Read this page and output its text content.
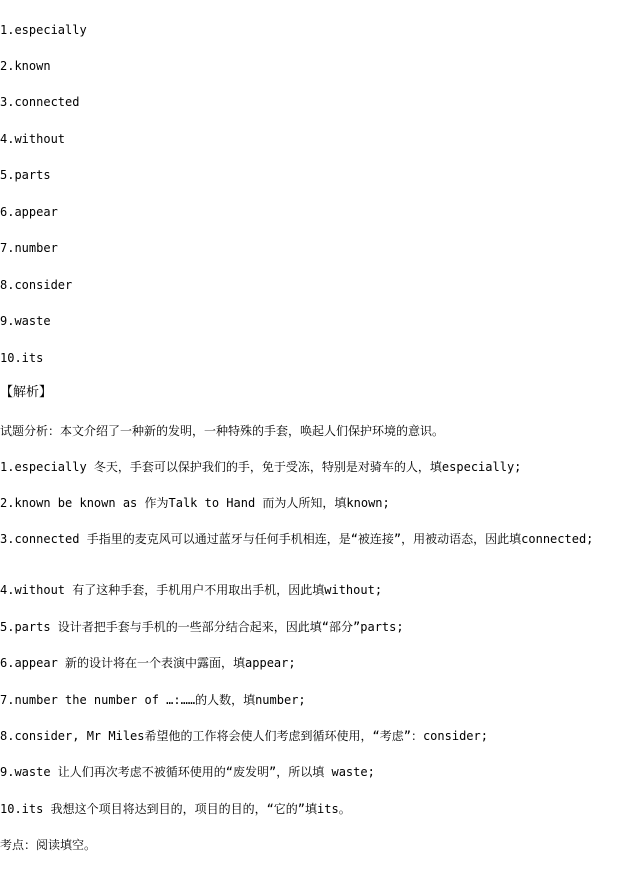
1.especially
2.known
3.connected
4.without
5.parts
6.appear
7.number
8.consider
9.waste
10.its
【解析】
试题分析：本文介绍了一种新的发明，一种特殊的手套，唤起人们保护环境的意识。
1.especially 冬天，手套可以保护我们的手，免于受冻，特别是对骑车的人，填especially;
2.known be known as 作为Talk to Hand 而为人所知，填known;
3.connected 手指里的麦克风可以通过蓝牙与任何手机相连，是“被连接”，用被动语态，因此填connected;
4.without 有了这种手套，手机用户不用取出手机，因此填without;
5.parts 设计者把手套与手机的一些部分结合起来，因此填“部分”parts;
6.appear 新的设计将在一个表演中露面，填appear;
7.number the number of …:……的人数，填number;
8.consider, Mr Miles希望他的工作将会使人们考虑到循环使用，“考虑”：consider;
9.waste 让人们再次考虑不被循环使用的“废发明”，所以填 waste;
10.its 我想这个项目将达到目的，项目的目的，“它的”填its。
考点：阅读填空。
